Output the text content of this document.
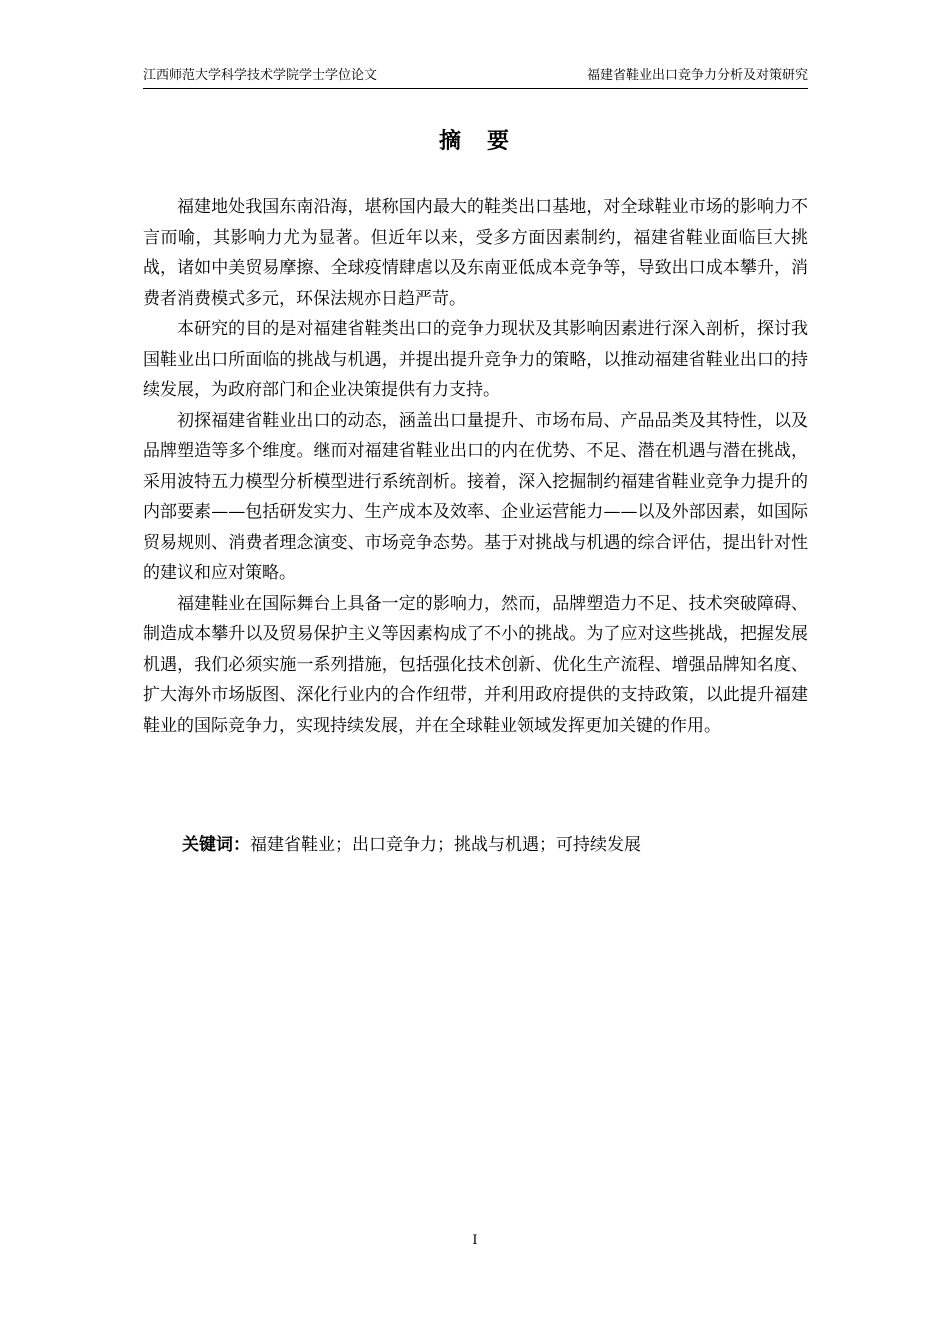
江西师范大学科学技术学院学士学位论文	福建省鞋业出口竞争力分析及对策研究
摘 要

福建地处我国东南沿海，堪称国内最大的鞋类出口基地，对全球鞋业市场的影响力不言而喻，其影响力尤为显著。但近年以来，受多方面因素制约，福建省鞋业面临巨大挑战，诸如中美贸易摩擦、全球疫情肆虐以及东南亚低成本竞争等，导致出口成本攀升，消费者消费模式多元，环保法规亦日趋严苛。

本研究的目的是对福建省鞋类出口的竞争力现状及其影响因素进行深入剖析，探讨我国鞋业出口所面临的挑战与机遇，并提出提升竞争力的策略，以推动福建省鞋业出口的持续发展，为政府部门和企业决策提供有力支持。

初探福建省鞋业出口的动态，涵盖出口量提升、市场布局、产品品类及其特性，以及品牌塑造等多个维度。继而对福建省鞋业出口的内在优势、不足、潜在机遇与潜在挑战，采用波特五力模型分析模型进行系统剖析。接着，深入挖掘制约福建省鞋业竞争力提升的内部要素——包括研发实力、生产成本及效率、企业运营能力——以及外部因素，如国际贸易规则、消费者理念演变、市场竞争态势。基于对挑战与机遇的综合评估，提出针对性的建议和应对策略。

福建鞋业在国际舞台上具备一定的影响力，然而，品牌塑造力不足、技术突破障碍、制造成本攀升以及贸易保护主义等因素构成了不小的挑战。为了应对这些挑战，把握发展机遇，我们必须实施一系列措施，包括强化技术创新、优化生产流程、增强品牌知名度、扩大海外市场版图、深化行业内的合作纽带，并利用政府提供的支持政策，以此提升福建鞋业的国际竞争力，实现持续发展，并在全球鞋业领域发挥更加关键的作用。

关键词：福建省鞋业；出口竞争力；挑战与机遇；可持续发展
I
